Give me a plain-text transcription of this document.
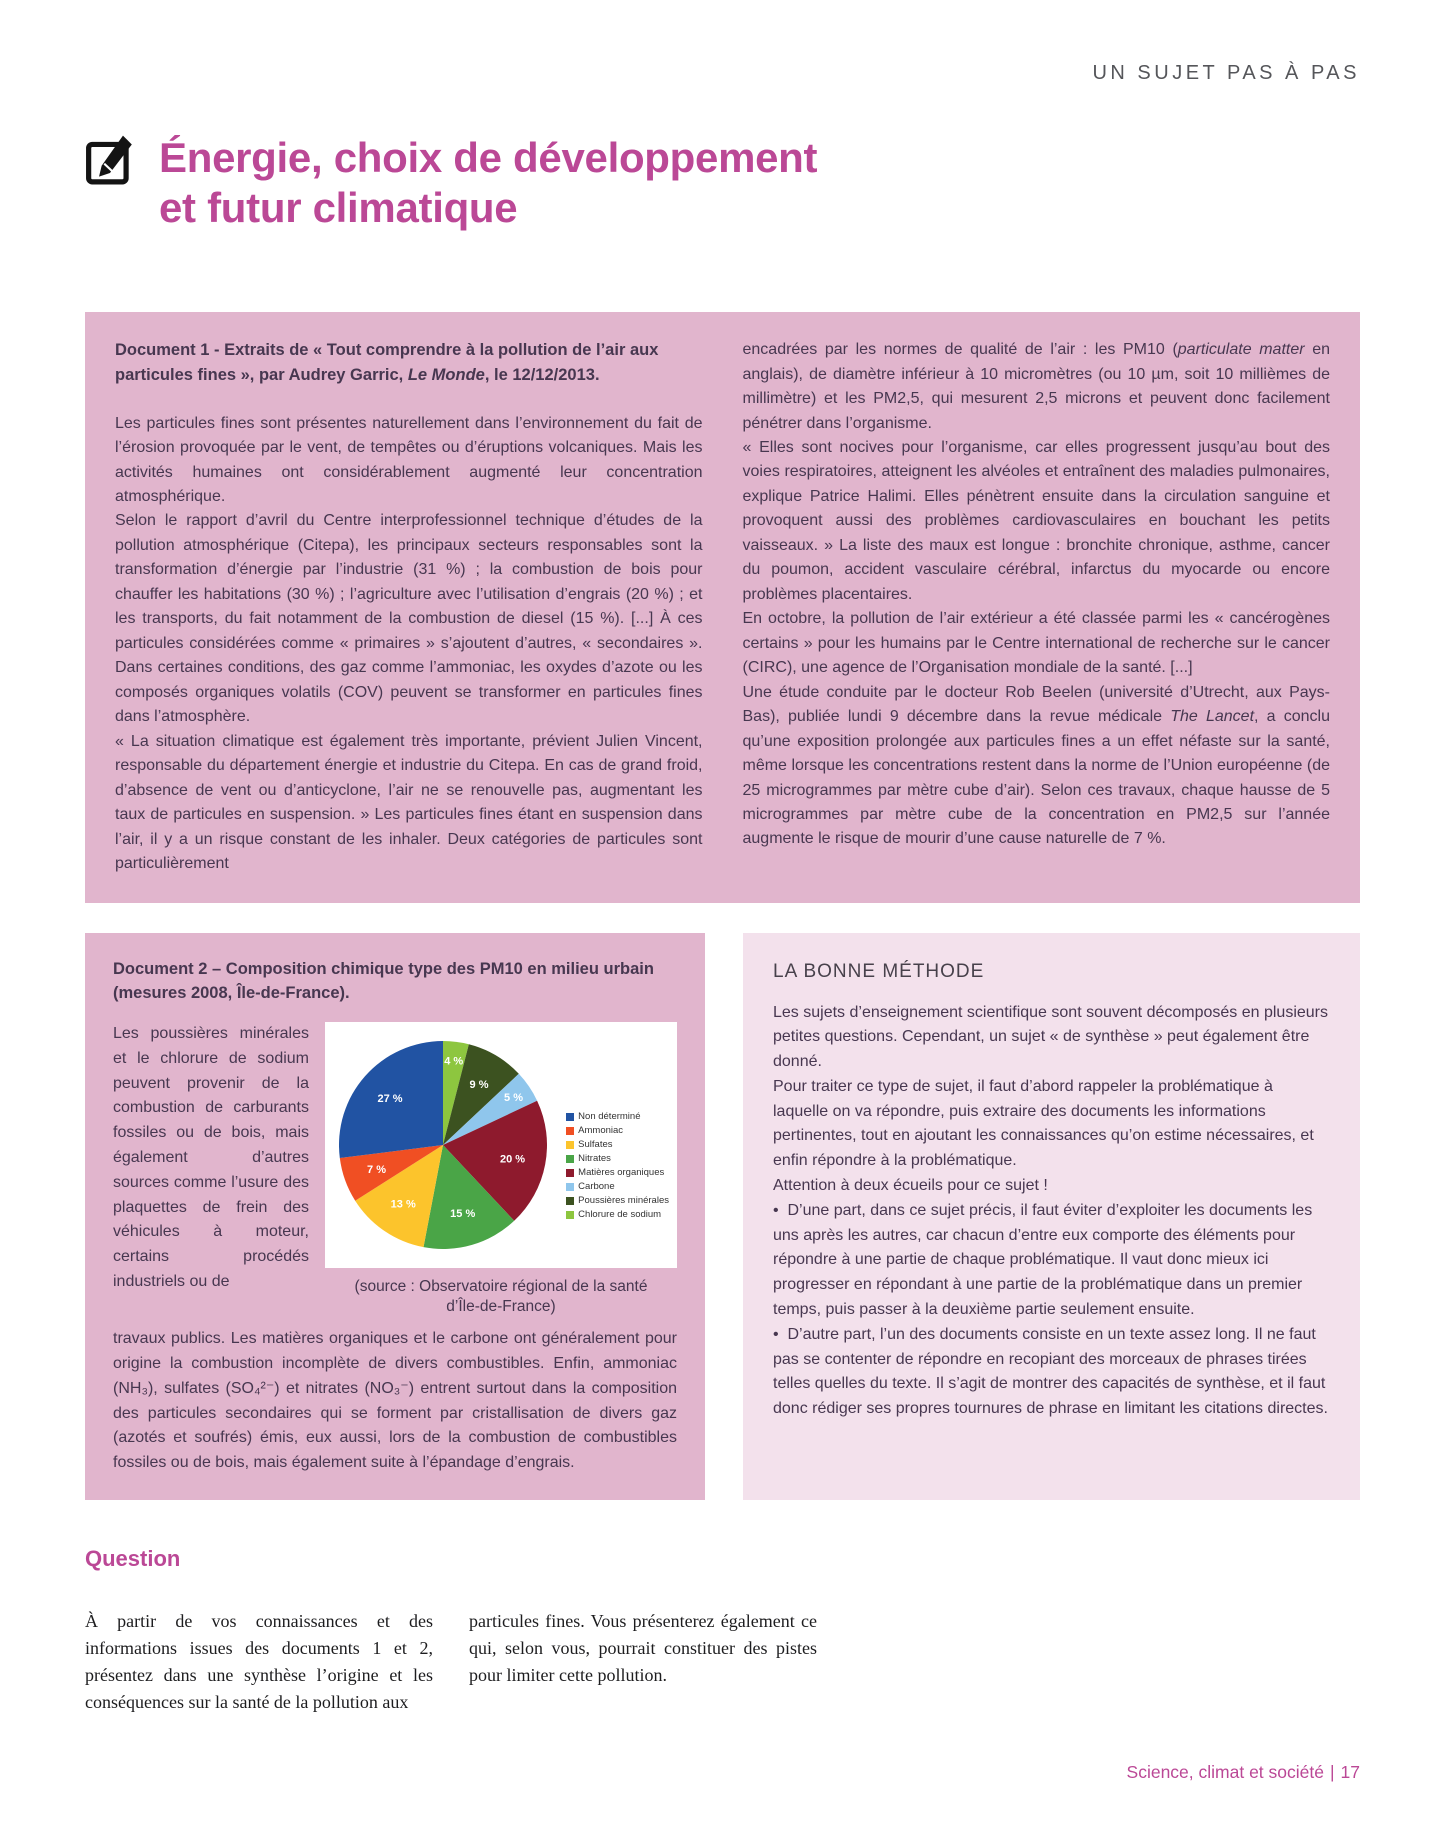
UN SUJET PAS À PAS
Énergie, choix de développement et futur climatique

Document 1 - Extraits de « Tout comprendre à la pollution de l’air aux particules fines », par Audrey Garric, Le Monde, le 12/12/2013.

Les particules fines sont présentes naturellement dans l’environnement du fait de l’érosion provoquée par le vent, de tempêtes ou d’éruptions volcaniques. Mais les activités humaines ont considérablement augmenté leur concentration atmosphérique.

Selon le rapport d’avril du Centre interprofessionnel technique d’études de la pollution atmosphérique (Citepa), les principaux secteurs responsables sont la transformation d’énergie par l’industrie (31 %) ; la combustion de bois pour chauffer les habitations (30 %) ; l’agriculture avec l’utilisation d’engrais (20 %) ; et les transports, du fait notamment de la combustion de diesel (15 %). [...] À ces particules considérées comme « primaires » s’ajoutent d’autres, « secondaires ». Dans certaines conditions, des gaz comme l’ammoniac, les oxydes d’azote ou les composés organiques volatils (COV) peuvent se transformer en particules fines dans l’atmosphère.

« La situation climatique est également très importante, prévient Julien Vincent, responsable du département énergie et industrie du Citepa. En cas de grand froid, d’absence de vent ou d’anticyclone, l’air ne se renouvelle pas, augmentant les taux de particules en suspension. » Les particules fines étant en suspension dans l’air, il y a un risque constant de les inhaler. Deux catégories de particules sont particulièrement

encadrées par les normes de qualité de l’air : les PM10 (particulate matter en anglais), de diamètre inférieur à 10 micromètres (ou 10 µm, soit 10 millièmes de millimètre) et les PM2,5, qui mesurent 2,5 microns et peuvent donc facilement pénétrer dans l’organisme.

« Elles sont nocives pour l’organisme, car elles progressent jusqu’au bout des voies respiratoires, atteignent les alvéoles et entraînent des maladies pulmonaires, explique Patrice Halimi. Elles pénètrent ensuite dans la circulation sanguine et provoquent aussi des problèmes cardiovasculaires en bouchant les petits vaisseaux. » La liste des maux est longue : bronchite chronique, asthme, cancer du poumon, accident vasculaire cérébral, infarctus du myocarde ou encore problèmes placentaires.

En octobre, la pollution de l’air extérieur a été classée parmi les « cancérogènes certains » pour les humains par le Centre international de recherche sur le cancer (CIRC), une agence de l’Organisation mondiale de la santé. [...]

Une étude conduite par le docteur Rob Beelen (université d’Utrecht, aux Pays-Bas), publiée lundi 9 décembre dans la revue médicale The Lancet, a conclu qu’une exposition prolongée aux particules fines a un effet néfaste sur la santé, même lorsque les concentrations restent dans la norme de l’Union européenne (de 25 microgrammes par mètre cube d’air). Selon ces travaux, chaque hausse de 5 microgrammes par mètre cube de la concentration en PM2,5 sur l’année augmente le risque de mourir d’une cause naturelle de 7 %.

Document 2 – Composition chimique type des PM10 en milieu urbain (mesures 2008, Île-de-France).

Les poussières minérales et le chlorure de sodium peuvent provenir de la combustion de carburants fossiles ou de bois, mais également d’autres sources comme l’usure des plaquettes de frein des véhicules à moteur, certains procédés industriels ou de

4 %
9 %
5 %
20 %
15 %
13 %
7 %
27 %
Non déterminé
Ammoniac
Sulfates
Nitrates
Matières organiques
Carbone
Poussières minérales
Chlorure de sodium
(source : Observatoire régional de la santé d’Île-de-France)

travaux publics. Les matières organiques et le carbone ont généralement pour origine la combustion incomplète de divers combustibles. Enfin, ammoniac (NH₃), sulfates (SO₄²⁻) et nitrates (NO₃⁻) entrent surtout dans la composition des particules secondaires qui se forment par cristallisation de divers gaz (azotés et soufrés) émis, eux aussi, lors de la combustion de combustibles fossiles ou de bois, mais également suite à l’épandage d’engrais.

LA BONNE MÉTHODE

Les sujets d’enseignement scientifique sont souvent décomposés en plusieurs petites questions. Cependant, un sujet « de synthèse » peut également être donné.

Pour traiter ce type de sujet, il faut d’abord rappeler la problématique à laquelle on va répondre, puis extraire des documents les informations pertinentes, tout en ajoutant les connaissances qu’on estime nécessaires, et enfin répondre à la problématique.

Attention à deux écueils pour ce sujet !

•  D’une part, dans ce sujet précis, il faut éviter d’exploiter les documents les uns après les autres, car chacun d’entre eux comporte des éléments pour répondre à une partie de chaque problématique. Il vaut donc mieux ici progresser en répondant à une partie de la problématique dans un premier temps, puis passer à la deuxième partie seulement ensuite.

•  D’autre part, l’un des documents consiste en un texte assez long. Il ne faut pas se contenter de répondre en recopiant des morceaux de phrases tirées telles quelles du texte. Il s’agit de montrer des capacités de synthèse, et il faut donc rédiger ses propres tournures de phrase en limitant les citations directes.

Question

À partir de vos connaissances et des informations issues des documents 1 et 2, présentez dans une synthèse l’origine et les conséquences sur la santé de la pollution aux

particules fines. Vous présenterez également ce qui, selon vous, pourrait constituer des pistes pour limiter cette pollution.

Science, climat et société | 17
